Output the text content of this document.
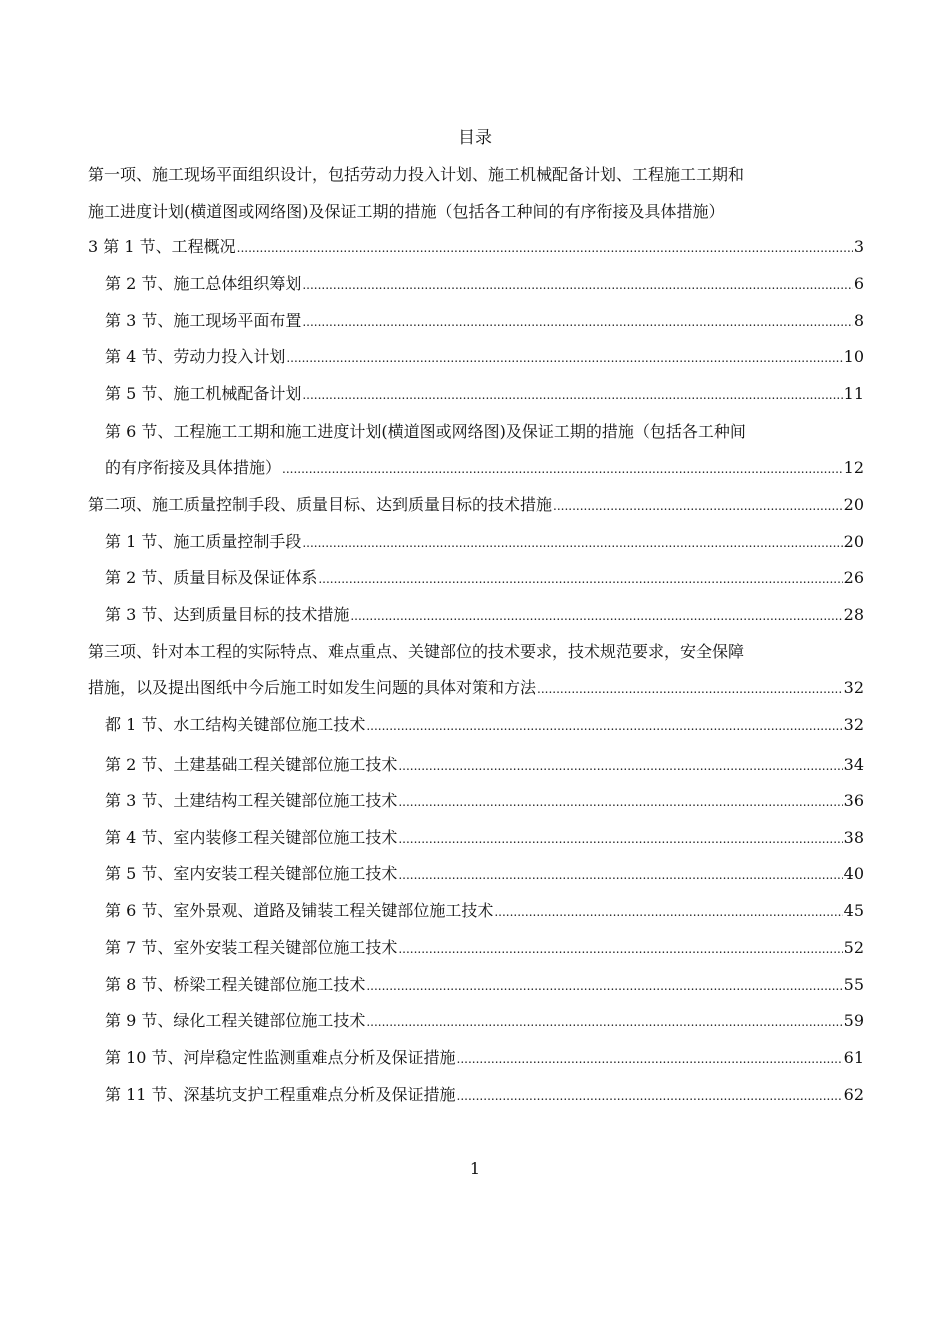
目录
第一项、施工现场平面组织设计，包括劳动力投入计划、施工机械配备计划、工程施工工期和
施工进度计划(横道图或网络图)及保证工期的措施（包括各工种间的有序衔接及具体措施）
3 第 1 节、工程概况 .....	3
第 2 节、施工总体组织筹划 .....	6
第 3 节、施工现场平面布置 .....	8
第 4 节、劳动力投入计划 .....	10
第 5 节、施工机械配备计划 .....	11
第 6 节、工程施工工期和施工进度计划(横道图或网络图)及保证工期的措施（包括各工种间
的有序衔接及具体措施） .....	12
第二项、施工质量控制手段、质量目标、达到质量目标的技术措施 .....	20
第 1 节、施工质量控制手段 .....	20
第 2 节、质量目标及保证体系 .....	26
第 3 节、达到质量目标的技术措施 .....	28
第三项、针对本工程的实际特点、难点重点、关键部位的技术要求，技术规范要求，安全保障
措施，以及提出图纸中今后施工时如发生问题的具体对策和方法 .....	32
都 1 节、水工结构关键部位施工技术 .....	32
第 2 节、土建基础工程关键部位施工技术 .....	34
第 3 节、土建结构工程关键部位施工技术 .....	36
第 4 节、室内装修工程关键部位施工技术 .....	38
第 5 节、室内安装工程关键部位施工技术 .....	40
第 6 节、室外景观、道路及铺装工程关键部位施工技术 .....	45
第 7 节、室外安装工程关键部位施工技术 .....	52
第 8 节、桥梁工程关键部位施工技术 .....	55
第 9 节、绿化工程关键部位施工技术 .....	59
第 10 节、河岸稳定性监测重难点分析及保证措施 .....	61
第 11 节、深基坑支护工程重难点分析及保证措施 .....	62
1
